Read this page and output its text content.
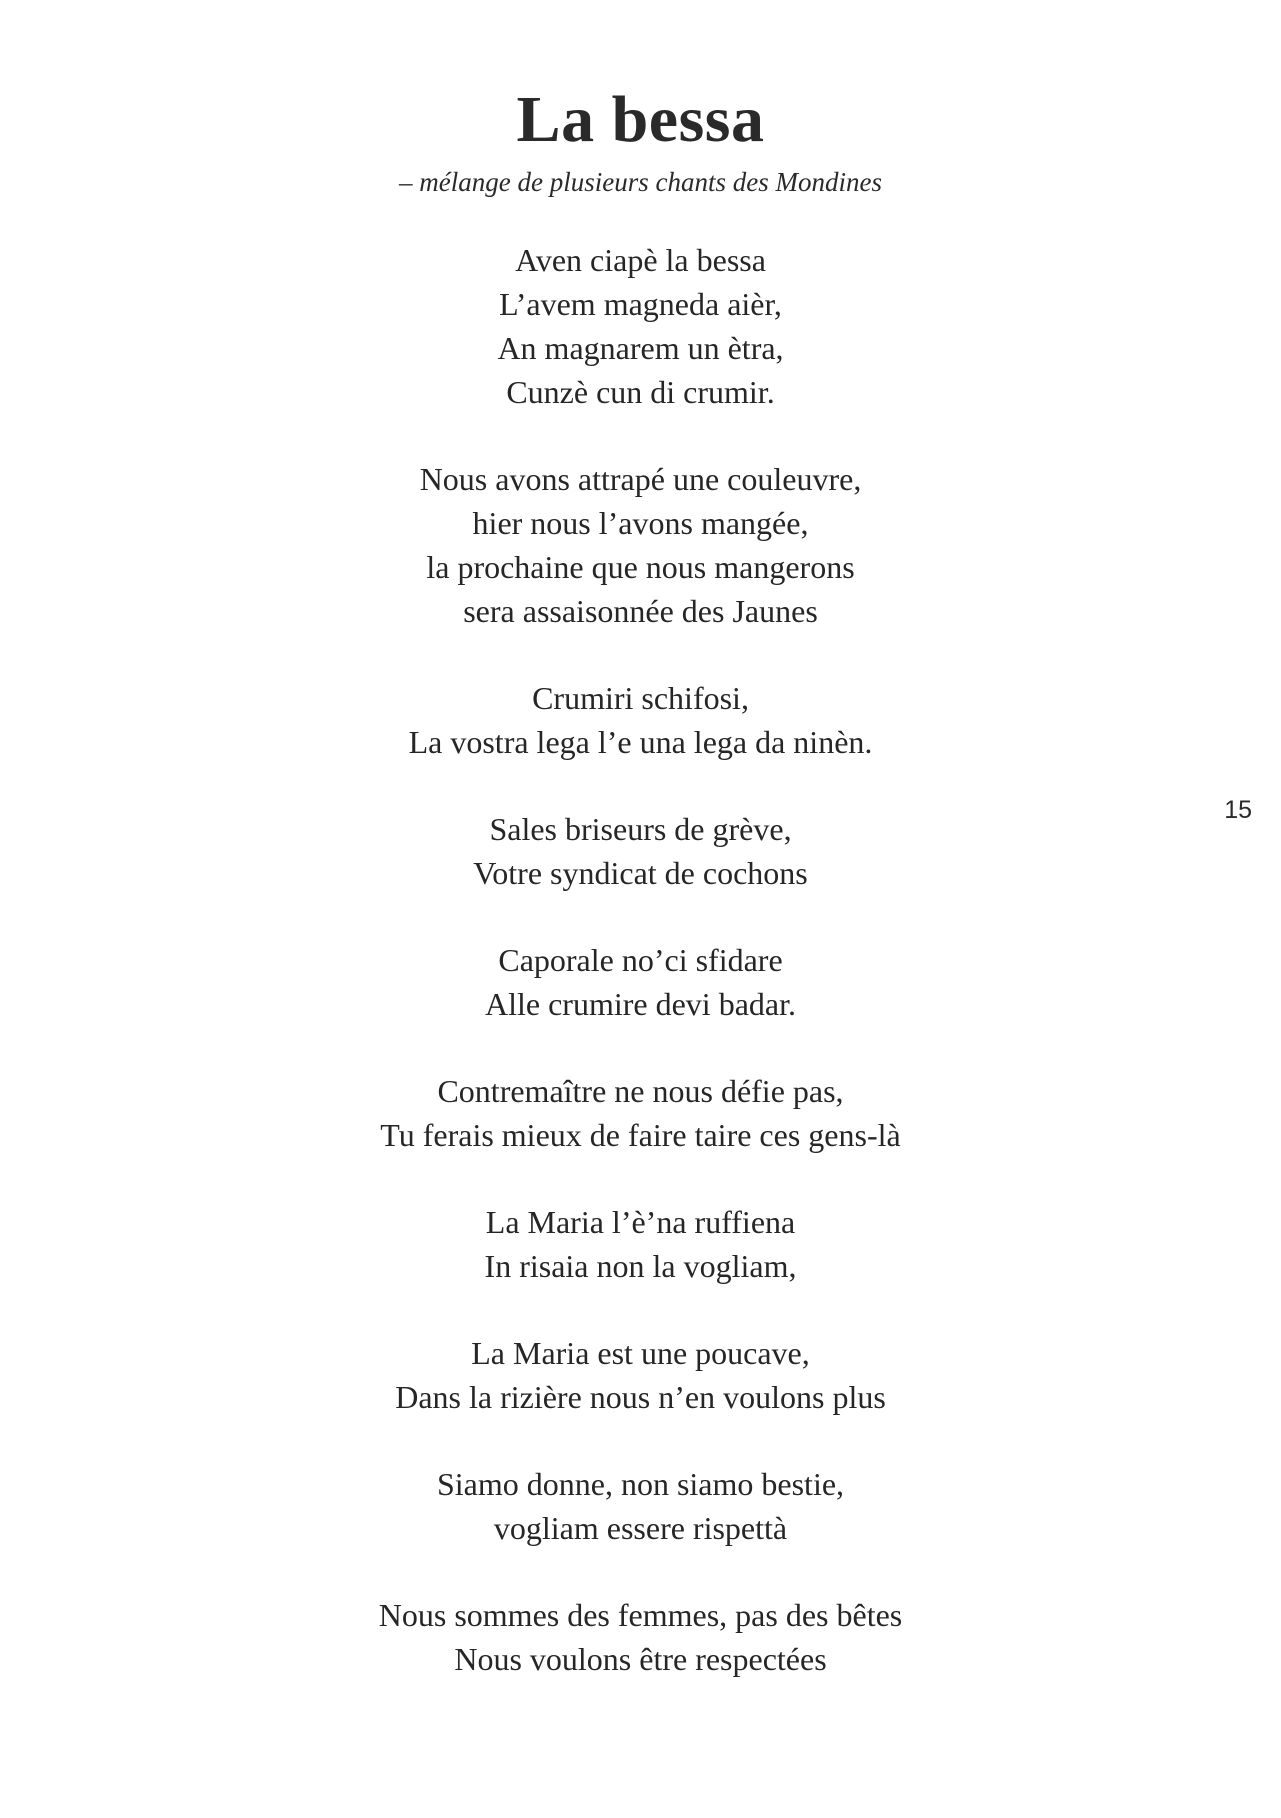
La bessa
– mélange de plusieurs chants des Mondines
Aven ciapè la bessa
L’avem magneda aièr,
An magnarem un ètra,
Cunzè cun di crumir.
Nous avons attrapé une couleuvre,
hier nous l’avons mangée,
la prochaine que nous mangerons
sera assaisonnée des Jaunes
Crumiri schifosi,
La vostra lega l’e una lega da ninèn.
Sales briseurs de grève,
Votre syndicat de cochons
Caporale no’ci sfidare
Alle crumire devi badar.
Contremaître ne nous défie pas,
Tu ferais mieux de faire taire ces gens-là
La Maria l’è’na ruffiena
In risaia non la vogliam,
La Maria est une poucave,
Dans la rizière nous n’en voulons plus
Siamo donne, non siamo bestie,
vogliam essere rispettà
Nous sommes des femmes, pas des bêtes
Nous voulons être respectées
15
